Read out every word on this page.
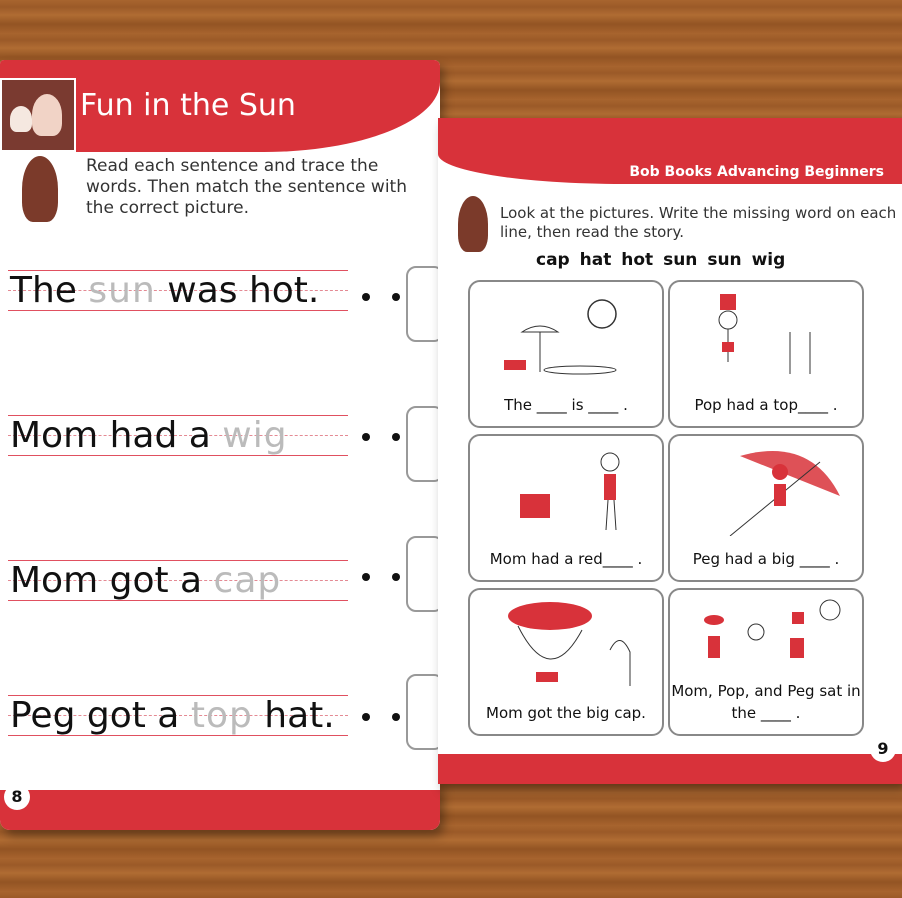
Fun in the Sun
Read each sentence and trace the words. Then match the sentence with the correct picture.
The sun was hot.
Mom had a wig
Mom got a cap
Peg got a top hat.
8
Bob Books Advancing Beginners
Look at the pictures. Write the missing word on each line, then read the story.
cap hat hot sun sun wig
The ____ is ____ .	Pop had a top____ .
Mom had a red____ .	Peg had a big ____ .
Mom got the big cap.
Mom, Pop, and Peg sat in the ____ .
9
